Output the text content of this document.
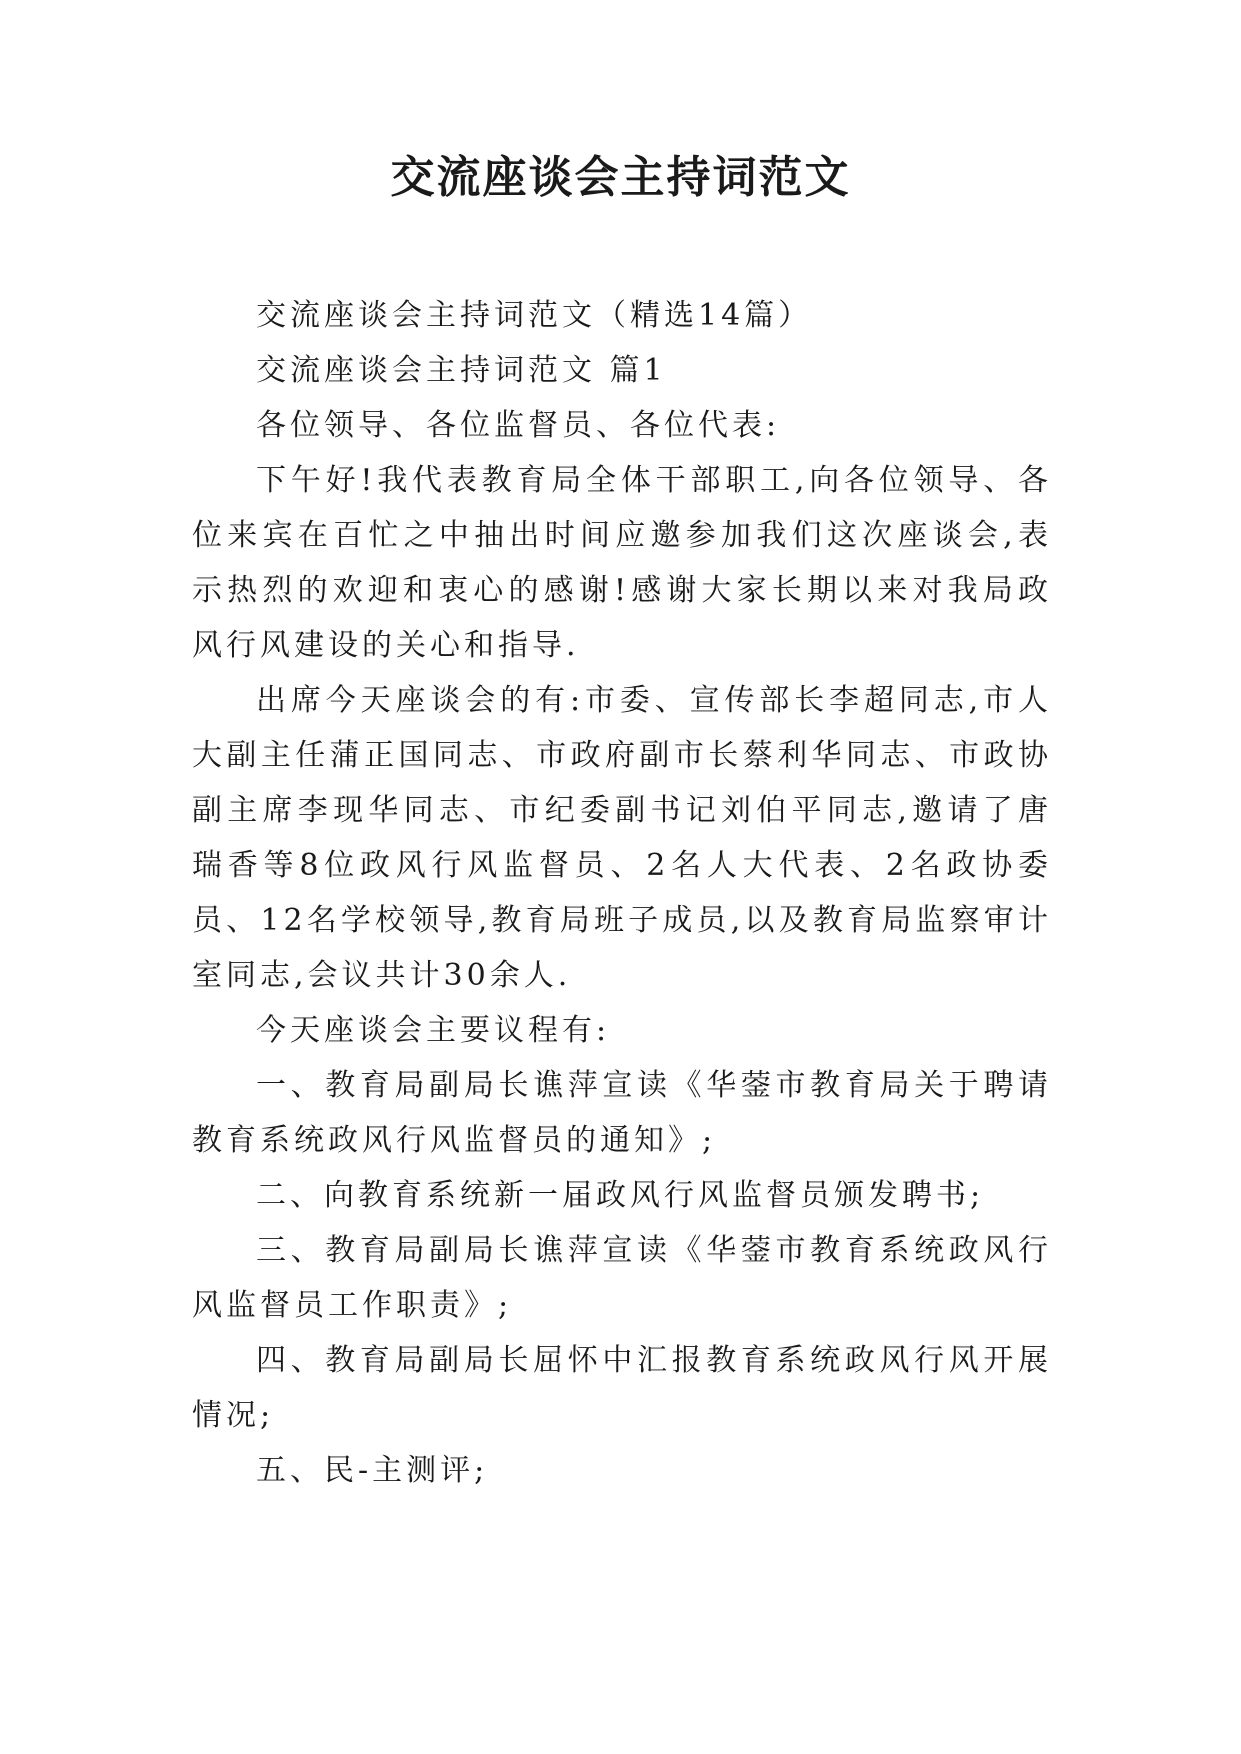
交流座谈会主持词范文

交流座谈会主持词范文（精选14篇）

交流座谈会主持词范文 篇1

各位领导、各位监督员、各位代表:

下午好!我代表教育局全体干部职工,向各位领导、各位来宾在百忙之中抽出时间应邀参加我们这次座谈会,表示热烈的欢迎和衷心的感谢!感谢大家长期以来对我局政风行风建设的关心和指导.

出席今天座谈会的有:市委、宣传部长李超同志,市人大副主任蒲正国同志、市政府副市长蔡利华同志、市政协副主席李现华同志、市纪委副书记刘伯平同志,邀请了唐瑞香等8位政风行风监督员、2名人大代表、2名政协委员、12名学校领导,教育局班子成员,以及教育局监察审计室同志,会议共计30余人.

今天座谈会主要议程有:

一、教育局副局长谯萍宣读《华蓥市教育局关于聘请教育系统政风行风监督员的通知》;

二、向教育系统新一届政风行风监督员颁发聘书;

三、教育局副局长谯萍宣读《华蓥市教育系统政风行风监督员工作职责》;

四、教育局副局长屈怀中汇报教育系统政风行风开展情况;

五、民-主测评;
